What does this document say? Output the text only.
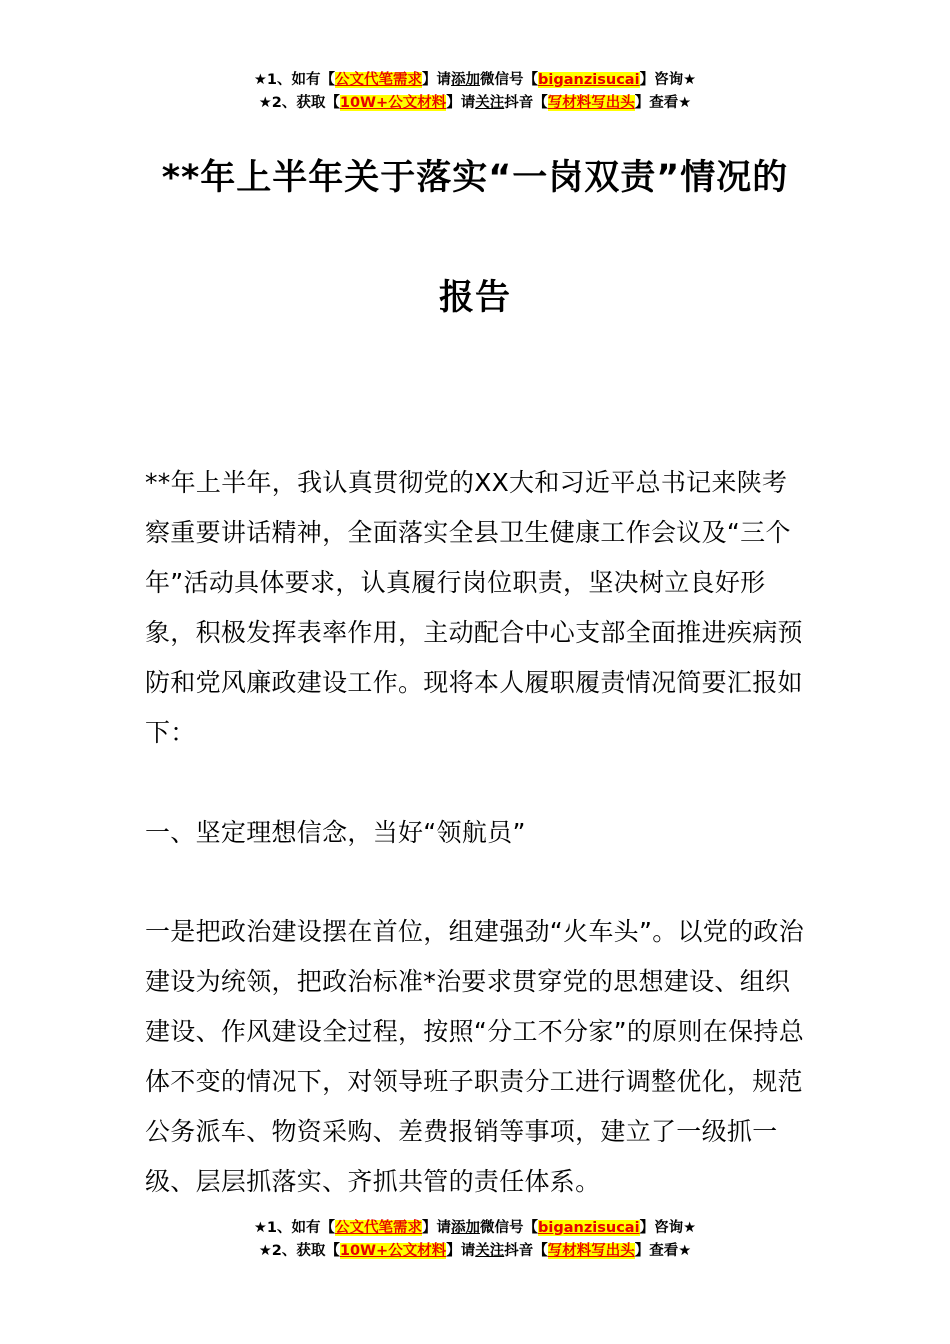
★1、如有【公文代笔需求】请添加微信号【biganzisucai】咨询★
★2、获取【10W+公文材料】请关注抖音【写材料写出头】查看★
**年上半年关于落实“一岗双责”情况的
报告

**年上半年，我认真贯彻党的XX大和习近平总书记来陕考察重要讲话精神，全面落实全县卫生健康工作会议及“三个年”活动具体要求，认真履行岗位职责，坚决树立良好形象，积极发挥表率作用，主动配合中心支部全面推进疾病预防和党风廉政建设工作。现将本人履职履责情况简要汇报如下：

一、坚定理想信念，当好“领航员”

一是把政治建设摆在首位，组建强劲“火车头”。以党的政治建设为统领，把政治标准*治要求贯穿党的思想建设、组织建设、作风建设全过程，按照“分工不分家”的原则在保持总体不变的情况下，对领导班子职责分工进行调整优化，规范公务派车、物资采购、差费报销等事项，建立了一级抓一级、层层抓落实、齐抓共管的责任体系。

★1、如有【公文代笔需求】请添加微信号【biganzisucai】咨询★
★2、获取【10W+公文材料】请关注抖音【写材料写出头】查看★
